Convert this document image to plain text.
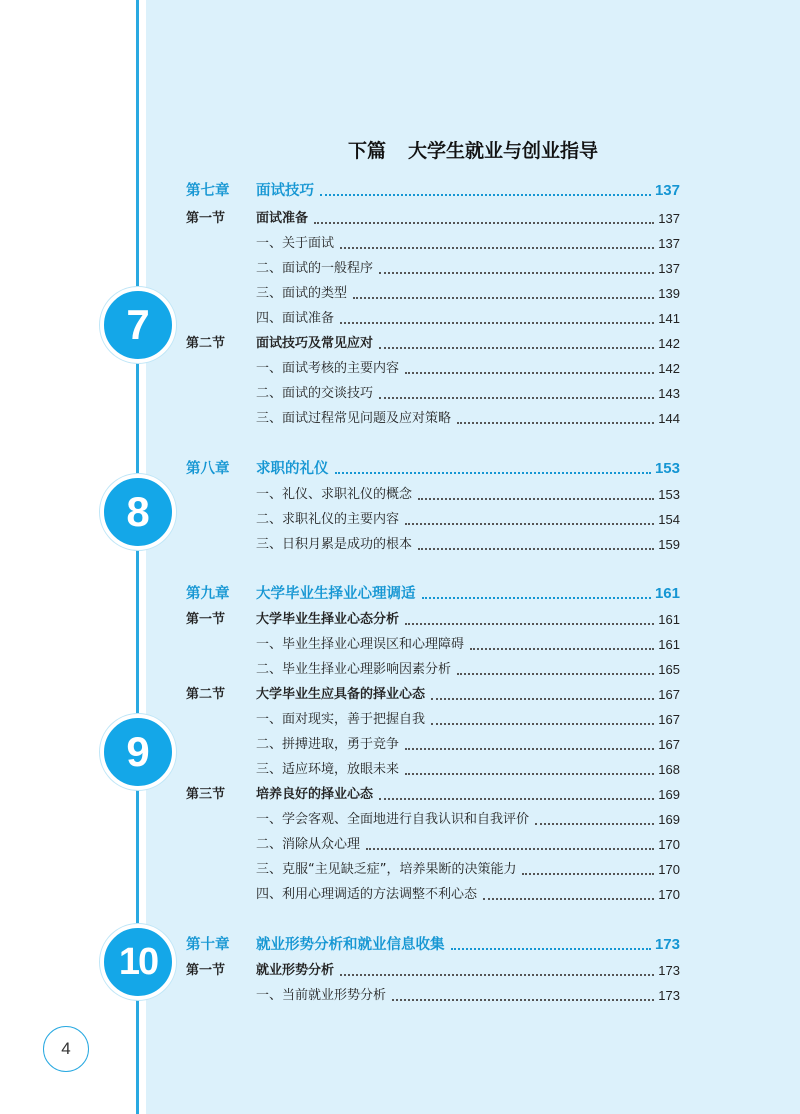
下篇 大学生就业与创业指导
7
8
9
10
第七章	面试技巧	137
第一节	面试准备	137
一、关于面试	137
二、面试的一般程序	137
三、面试的类型	139
四、面试准备	141
第二节	面试技巧及常见应对	142
一、面试考核的主要内容	142
二、面试的交谈技巧	143
三、面试过程常见问题及应对策略	144
第八章	求职的礼仪	153
一、礼仪、求职礼仪的概念	153
二、求职礼仪的主要内容	154
三、日积月累是成功的根本	159
第九章	大学毕业生择业心理调适	161
第一节	大学毕业生择业心态分析	161
一、毕业生择业心理误区和心理障碍	161
二、毕业生择业心理影响因素分析	165
第二节	大学毕业生应具备的择业心态	167
一、面对现实，善于把握自我	167
二、拼搏进取，勇于竞争	167
三、适应环境，放眼未来	168
第三节	培养良好的择业心态	169
一、学会客观、全面地进行自我认识和自我评价	169
二、消除从众心理	170
三、克服“主见缺乏症”，培养果断的决策能力	170
四、利用心理调适的方法调整不利心态	170
第十章	就业形势分析和就业信息收集	173
第一节	就业形势分析	173
一、当前就业形势分析	173
4
